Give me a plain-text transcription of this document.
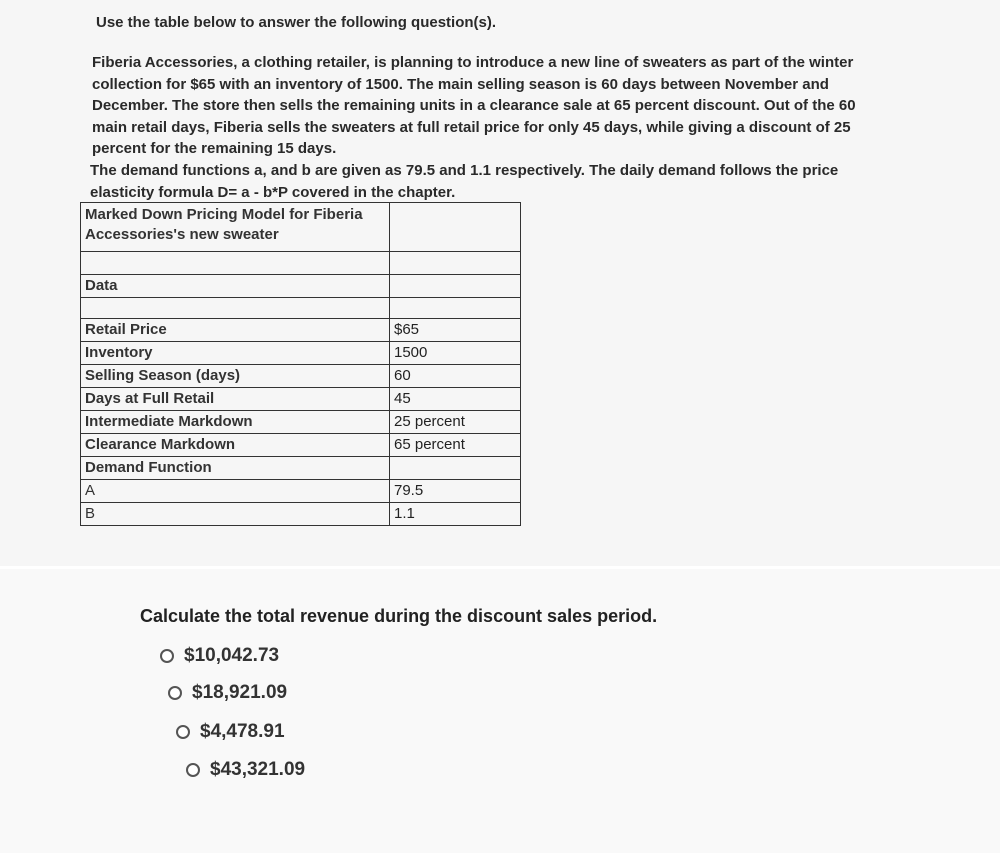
Use the table below to answer the following question(s).
Fiberia Accessories, a clothing retailer, is planning to introduce a new line of sweaters as part of the winter collection for $65 with an inventory of 1500. The main selling season is 60 days between November and December. The store then sells the remaining units in a clearance sale at 65 percent discount. Out of the 60 main retail days, Fiberia sells the sweaters at full retail price for only 45 days, while giving a discount of 25 percent for the remaining 15 days.
The demand functions a, and b are given as 79.5 and 1.1 respectively. The daily demand follows the price elasticity formula D= a - b*P covered in the chapter.
Marked Down Pricing Model for Fiberia Accessories's new sweater	

Data	

Retail Price	$65
Inventory	1500
Selling Season (days)	60
Days at Full Retail	45
Intermediate Markdown	25 percent
Clearance Markdown	65 percent
Demand Function	
A	79.5
B	1.1
Calculate the total revenue during the discount sales period.
$10,042.73
$18,921.09
$4,478.91
$43,321.09
